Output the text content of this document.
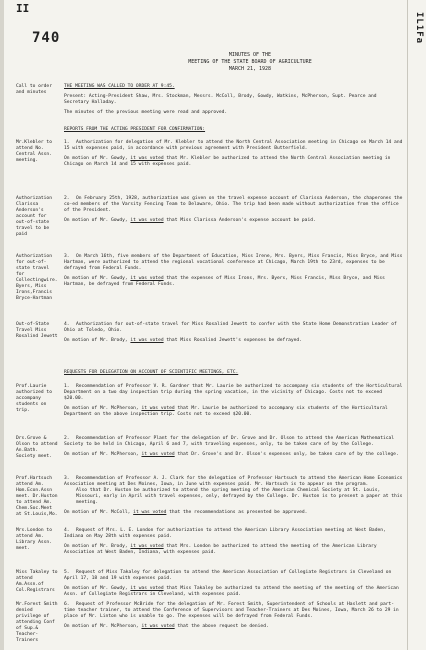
II
740	IL1Fa
MINUTES OF THE
MEETING OF THE STATE BOARD OF AGRICULTURE
MARCH 21, 1928
Call to order and minutes
THE MEETING WAS CALLED TO ORDER AT 9:45.
Present: Acting-President Shaw, Mrs. Stockman, Messrs. McColl, Brody, Gowdy, Watkins, McPherson, Supt. Pearce and Secretary Halladay.
The minutes of the previous meeting were read and approved.
REPORTS FROM THE ACTING PRESIDENT FOR CONFIRMATION:
Mr.Klebler to attend No. Central Assn. meeting.
1. Authorization for delegation of Mr. Klebler to attend the North Central Association meeting in Chicago on March 14 and 15 with expenses paid, in accordance with previous agreement with President Butterfield.
On motion of Mr. Gowdy, it was voted that Mr. Klebler be authorized to attend the North Central Association meeting in Chicago on March 14 and 15 with expenses paid.
Authorization Clarissa Anderson's account for out-of-state travel to be paid
2. On February 25th, 1928, authorization was given on the travel expense account of Clarissa Anderson, the chaperones the co-ed members of the Varsity Fencing Team to Delaware, Ohio. The trip had been made without authorization from the office of the President.
On motion of Mr. Gowdy, it was voted that Miss Clarissa Anderson's expense account be paid.
Authorization for out-of-state travel for Collectingwire. Byers, Miss Irons,Francis Bryce-Hartman
3. On March 16th, five members of the Department of Education, Miss Irene, Mrs. Byers, Miss Francis, Miss Bryce, and Miss Hartman, were authorized to attend the regional vocational conference at Chicago, March 19th to 23rd, expenses to be defrayed from Federal Funds.
On motion of Mr. Gowdy, it was voted that the expenses of Miss Irons, Mrs. Byers, Miss Francis, Miss Bryce, and Miss Hartman, be defrayed from Federal Funds.
Out-of-State Travel Miss Rosalind Jewett
4. Authorization for out-of-state travel for Miss Rosalind Jewett to confer with the State Home Demonstration Leader of Ohio at Toledo, Ohio.
On motion of Mr. Brody, it was voted that Miss Rosalind Jewett's expenses be defrayed.
REQUESTS FOR DELEGATION ON ACCOUNT OF SCIENTIFIC MEETINGS, ETC.
Prof.Laurie authorized to accompany students on trip.
1. Recommendation of Professor V. R. Gardner that Mr. Laurie be authorized to accompany six students of the Horticultural Department on a two day inspection trip during the spring vacation, in the vicinity of Chicago. Costs not to exceed $20.00.
On motion of Mr. McPherson, it was voted that Mr. Laurie be authorized to accompany six students of the Horticultural Department on the above inspection trip. Costs not to exceed $20.00.
Drs.Grove & Olson to attend An.Bath. Society meet.
2. Recommendation of Professor Plant for the delegation of Dr. Grove and Dr. Olson to attend the American Mathematical Society to be held in Chicago, April 6 and 7, with traveling expenses, only, to be taken care of by the College.
On motion of Mr. McPherson, it was voted that Dr. Grove's and Dr. Olson's expenses only, be taken care of by the college.
Prof.Hartsuch attend Am. Hom.Econ.Assn meet. Dr.Huston to attend Am. Chem.Soc.Meet at St.Louis,Mo.
3. Recommendation of Professor A. J. Clark for the delegation of Professor Hartsuch to attend the American Home Economics Association meeting at Des Moines, Iowa, in June with expenses paid. Mr. Hartsuch is to appear on the program.
Also that Dr. Huston be authorized to attend the spring meeting of the American Chemical Society at St. Louis, Missouri, early in April with travel expenses, only, defrayed by the College. Dr. Huston is to present a paper at this meeting.
On motion of Mr. McColl, it was voted that the recommendations as presented be approved.
Mrs.London to attend Am. Library Assn. meet.
4. Request of Mrs. L. E. London for authorization to attend the American Library Association meeting at West Baden, Indiana on May 28th with expenses paid.
On motion of Mr. Brody, it was voted that Mrs. London be authorized to attend the meeting of the American Library Association at West Baden, Indiana, with expenses paid.
Miss Takaley to attend Am.Assn.of Col.Registrars
5. Request of Miss Takaley for delegation to attend the American Association of Collegiate Registrars in Cleveland on April 17, 18 and 19 with expenses paid.
On motion of Mr. Gowdy, it was voted that Miss Takaley be authorized to attend the meeting of the meeting of the American Assn. of Collegiate Registrars in Cleveland, with expenses paid.
Mr.Forest Smith denied privilege of attending Conf of Sup.& Teacher-Trainers
6. Request of Professor McBride for the delegation of Mr. Forest Smith, Superintendent of Schools at Haslett and part-time teacher trainer, to attend the Conference of Supervisors and Teacher-Trainers at Des Moines, Iowa, March 26 to 29 in place of Mr. Linton who is unable to go. The expenses will be defrayed from Federal Funds.
On motion of Mr. McPherson, it was voted that the above request be denied.
